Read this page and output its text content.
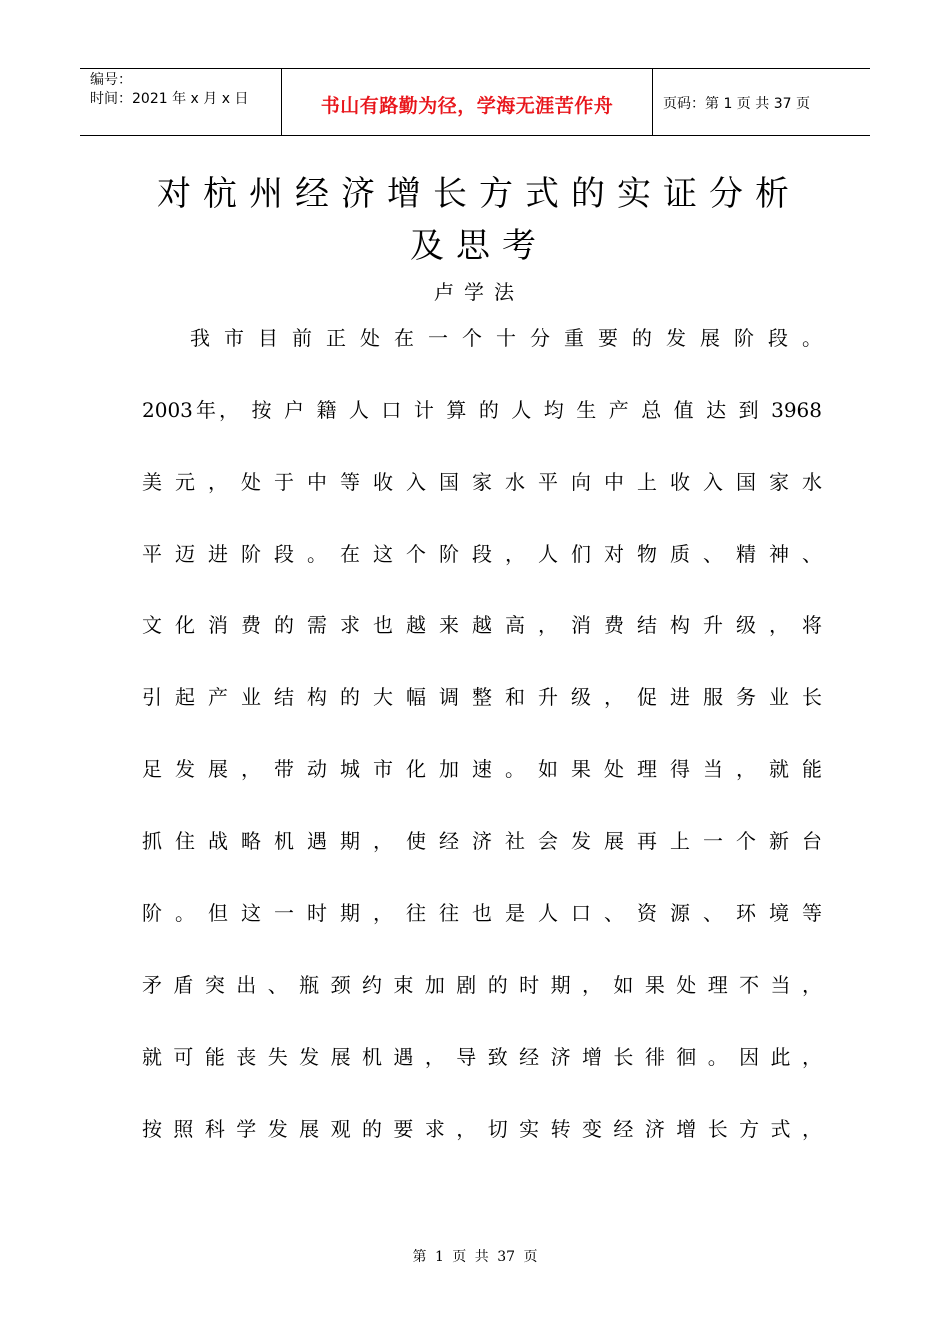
编号：
时间：2021 年 x 月 x 日	书山有路勤为径，学海无涯苦作舟	页码：第 1 页 共 37 页
对杭州经济增长方式的实证分析
及思考
卢学法
我 市 目 前 正 处 在 一 个 十 分 重 要 的 发 展 阶 段 。
2003年， 按 户 籍 人 口 计 算 的 人 均 生 产 总 值 达 到 3968
美 元 ， 处 于 中 等 收 入 国 家 水 平 向 中 上 收 入 国 家 水
平 迈 进 阶 段 。 在 这 个 阶 段 ， 人 们 对 物 质 、 精 神 、
文 化 消 费 的 需 求 也 越 来 越 高 ， 消 费 结 构 升 级 ， 将
引 起 产 业 结 构 的 大 幅 调 整 和 升 级 ， 促 进 服 务 业 长
足 发 展 ， 带 动 城 市 化 加 速 。 如 果 处 理 得 当 ， 就 能
抓 住 战 略 机 遇 期 ， 使 经 济 社 会 发 展 再 上 一 个 新 台
阶 。 但 这 一 时 期 ， 往 往 也 是 人 口 、 资 源 、 环 境 等
矛 盾 突 出 、 瓶 颈 约 束 加 剧 的 时 期 ， 如 果 处 理 不 当 ，
就 可 能 丧 失 发 展 机 遇 ， 导 致 经 济 增 长 徘 徊 。 因 此 ，
按 照 科 学 发 展 观 的 要 求 ， 切 实 转 变 经 济 增 长 方 式 ，
第 1 页 共 37 页
